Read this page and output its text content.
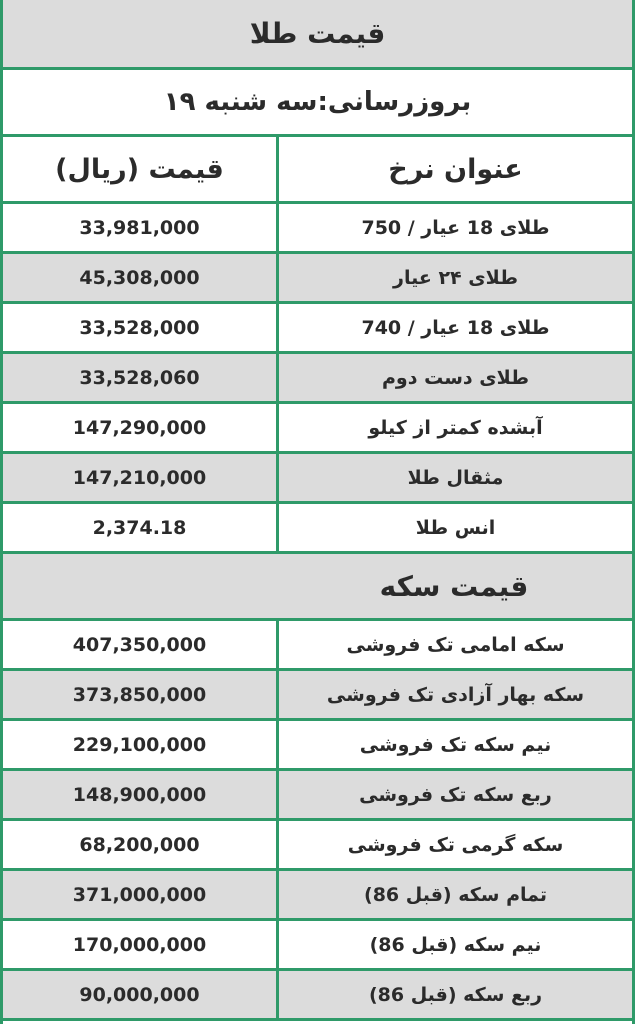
قیمت طلا
بروزرسانی:سه شنبه ۱۹
عنوان نرخ
قیمت (ریال)
طلای 18 عیار / 750
33,981,000
طلای ۲۴ عیار
45,308,000
طلای 18 عیار / 740
33,528,000
طلای دست دوم
33,528,060
آبشده کمتر از کیلو
147,290,000
مثقال طلا
147,210,000
انس طلا
2,374.18
قیمت سکه
سکه امامی تک فروشی
407,350,000
سکه بهار آزادی تک فروشی
373,850,000
نیم سکه تک فروشی
229,100,000
ربع سکه تک فروشی
148,900,000
سکه گرمی تک فروشی
68,200,000
تمام سکه (قبل 86)
371,000,000
نیم سکه (قبل 86)
170,000,000
ربع سکه (قبل 86)
90,000,000
